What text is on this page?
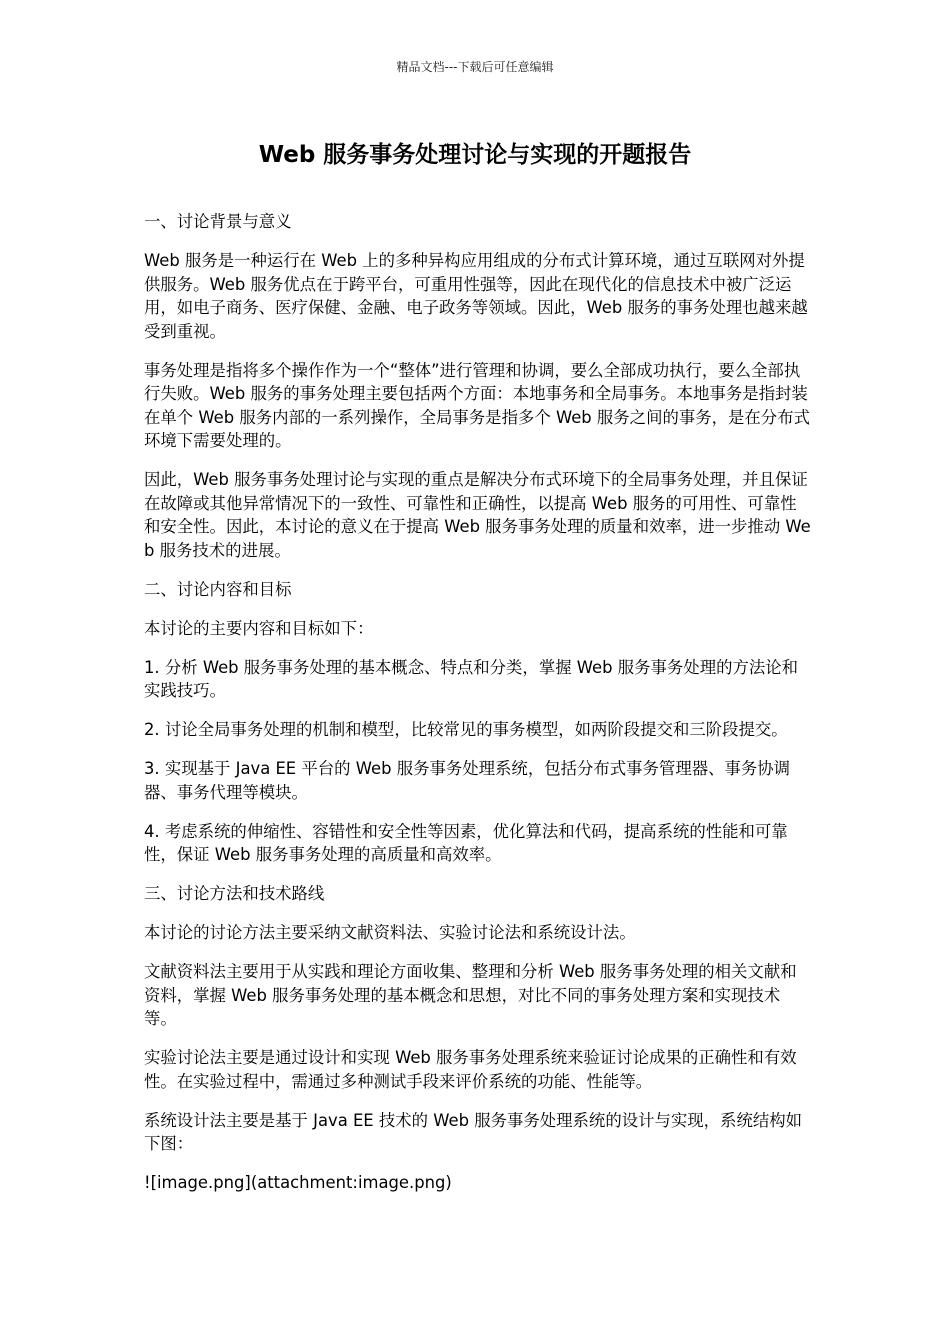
精品文档---下载后可任意编辑
Web 服务事务处理讨论与实现的开题报告

一、讨论背景与意义

Web 服务是一种运行在 Web 上的多种异构应用组成的分布式计算环境，通过互联网对外提供服务。Web 服务优点在于跨平台，可重用性强等，因此在现代化的信息技术中被广泛运用，如电子商务、医疗保健、金融、电子政务等领域。因此，Web 服务的事务处理也越来越受到重视。

事务处理是指将多个操作作为一个“整体”进行管理和协调，要么全部成功执行，要么全部执行失败。Web 服务的事务处理主要包括两个方面：本地事务和全局事务。本地事务是指封装在单个 Web 服务内部的一系列操作，全局事务是指多个 Web 服务之间的事务，是在分布式环境下需要处理的。

因此，Web 服务事务处理讨论与实现的重点是解决分布式环境下的全局事务处理，并且保证在故障或其他异常情况下的一致性、可靠性和正确性，以提高 Web 服务的可用性、可靠性和安全性。因此，本讨论的意义在于提高 Web 服务事务处理的质量和效率，进一步推动 Web 服务技术的进展。

二、讨论内容和目标

本讨论的主要内容和目标如下：

1. 分析 Web 服务事务处理的基本概念、特点和分类，掌握 Web 服务事务处理的方法论和实践技巧。

2. 讨论全局事务处理的机制和模型，比较常见的事务模型，如两阶段提交和三阶段提交。

3. 实现基于 Java EE 平台的 Web 服务事务处理系统，包括分布式事务管理器、事务协调器、事务代理等模块。

4. 考虑系统的伸缩性、容错性和安全性等因素，优化算法和代码，提高系统的性能和可靠性，保证 Web 服务事务处理的高质量和高效率。

三、讨论方法和技术路线

本讨论的讨论方法主要采纳文献资料法、实验讨论法和系统设计法。

文献资料法主要用于从实践和理论方面收集、整理和分析 Web 服务事务处理的相关文献和资料，掌握 Web 服务事务处理的基本概念和思想，对比不同的事务处理方案和实现技术等。

实验讨论法主要是通过设计和实现 Web 服务事务处理系统来验证讨论成果的正确性和有效性。在实验过程中，需通过多种测试手段来评价系统的功能、性能等。

系统设计法主要是基于 Java EE 技术的 Web 服务事务处理系统的设计与实现，系统结构如下图：

![image.png](attachment:image.png)
